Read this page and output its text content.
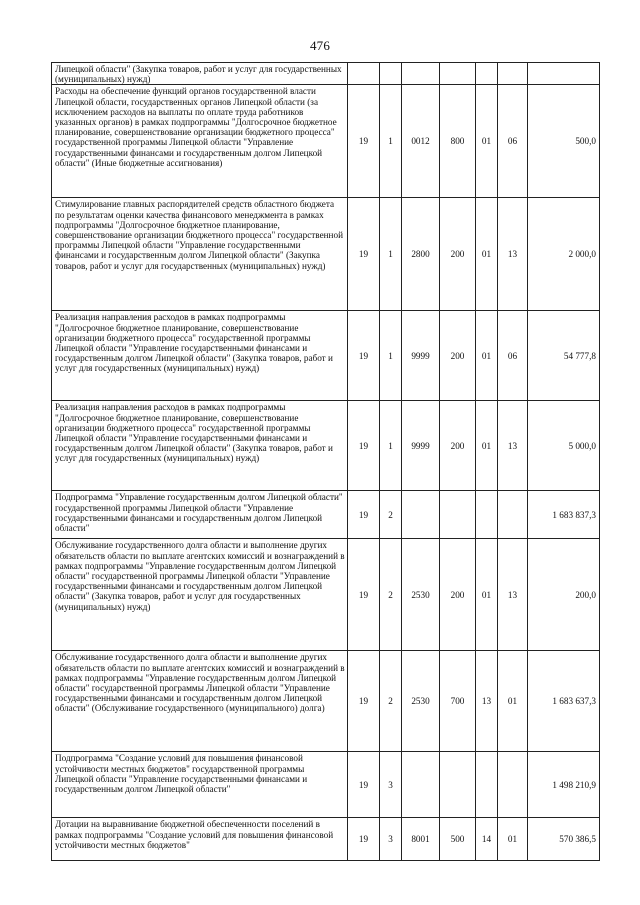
476
Липецкой области" (Закупка товаров, работ и услуг для государственных (муниципальных) нужд)							
Расходы на обеспечение функций органов государственной власти Липецкой области, государственных органов Липецкой области (за исключением расходов на выплаты по оплате труда работников указанных органов) в рамках подпрограммы "Долгосрочное бюджетное планирование, совершенствование организации бюджетного процесса" государственной программы Липецкой области "Управление государственными финансами и государственным долгом Липецкой области" (Иные бюджетные ассигнования)	19	1	0012	800	01	06	500,0
Стимулирование главных распорядителей средств областного бюджета по результатам оценки качества финансового менеджмента в рамках подпрограммы "Долгосрочное бюджетное планирование, совершенствование организации бюджетного процесса" государственной программы Липецкой области "Управление государственными финансами и государственным долгом Липецкой области" (Закупка товаров, работ и услуг для государственных (муниципальных) нужд)	19	1	2800	200	01	13	2 000,0
Реализация направления расходов в рамках подпрограммы "Долгосрочное бюджетное планирование, совершенствование организации бюджетного процесса" государственной программы Липецкой области "Управление государственными финансами и государственным долгом Липецкой области" (Закупка товаров, работ и услуг для государственных (муниципальных) нужд)	19	1	9999	200	01	06	54 777,8
Реализация направления расходов в рамках подпрограммы "Долгосрочное бюджетное планирование, совершенствование организации бюджетного процесса" государственной программы Липецкой области "Управление государственными финансами и государственным долгом Липецкой области" (Закупка товаров, работ и услуг для государственных (муниципальных) нужд)	19	1	9999	200	01	13	5 000,0
Подпрограмма "Управление государственным долгом Липецкой области" государственной программы Липецкой области "Управление государственными финансами и государственным долгом Липецкой области"	19	2					1 683 837,3
Обслуживание государственного долга области и выполнение других обязательств области по выплате агентских комиссий и вознаграждений в рамках подпрограммы "Управление государственным долгом Липецкой области" государственной программы Липецкой области "Управление государственными финансами и государственным долгом Липецкой области" (Закупка товаров, работ и услуг для государственных (муниципальных) нужд)	19	2	2530	200	01	13	200,0
Обслуживание государственного долга области и выполнение других обязательств области по выплате агентских комиссий и вознаграждений в рамках подпрограммы "Управление государственным долгом Липецкой области" государственной программы Липецкой области "Управление государственными финансами и государственным долгом Липецкой области" (Обслуживание государственного (муниципального) долга)	19	2	2530	700	13	01	1 683 637,3
Подпрограмма "Создание условий для повышения финансовой устойчивости местных бюджетов" государственной программы Липецкой области "Управление государственными финансами и государственным долгом Липецкой области"	19	3					1 498 210,9
Дотации на выравнивание бюджетной обеспеченности поселений в рамках подпрограммы "Создание условий для повышения финансовой устойчивости местных бюджетов"	19	3	8001	500	14	01	570 386,5
